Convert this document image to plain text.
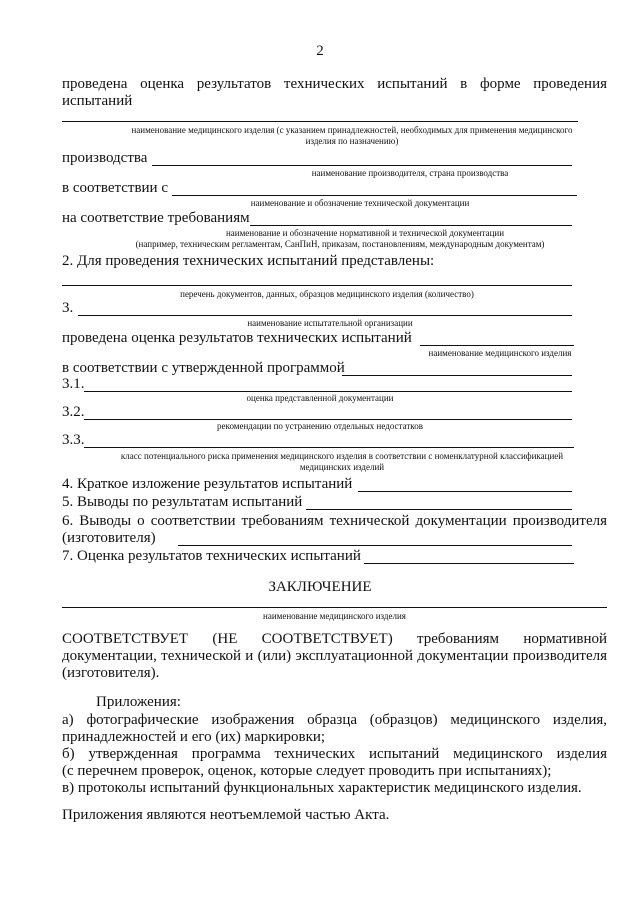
2
проведена оценка результатов технических испытаний в форме проведения
испытаний
наименование медицинского изделия (с указанием принадлежностей, необходимых для применения медицинского
изделия по назначению)
производства
наименование производителя, страна производства
в соответствии с
наименование и обозначение технической документации
на соответствие требованиям
наименование и обозначение нормативной и технической документации
(например, техническим регламентам, СанПиН, приказам, постановлениям, международным документам)
2. Для проведения технических испытаний представлены:
перечень документов, данных, образцов медицинского изделия (количество)
3.
наименование испытательной организации
проведена оценка результатов технических испытаний
наименование медицинского изделия
в соответствии с утвержденной программой
3.1.
оценка представленной документации
3.2.
рекомендации по устранению отдельных недостатков
3.3.
класс потенциального риска применения медицинского изделия в соответствии с номенклатурной классификацией
медицинских изделий
4. Краткое изложение результатов испытаний
5. Выводы по результатам испытаний
6. Выводы о соответствии требованиям технической документации производителя
(изготовителя)
7. Оценка результатов технических испытаний
ЗАКЛЮЧЕНИЕ
наименование медицинского изделия
СООТВЕТСТВУЕТ (НЕ СООТВЕТСТВУЕТ) требованиям нормативной
документации, технической и (или) эксплуатационной документации производителя
(изготовителя).
Приложения:
а) фотографические изображения образца (образцов) медицинского изделия,
принадлежностей и его (их) маркировки;
б) утвержденная программа технических испытаний медицинского изделия
(с перечнем проверок, оценок, которые следует проводить при испытаниях);
в) протоколы испытаний функциональных характеристик медицинского изделия.
Приложения являются неотъемлемой частью Акта.
